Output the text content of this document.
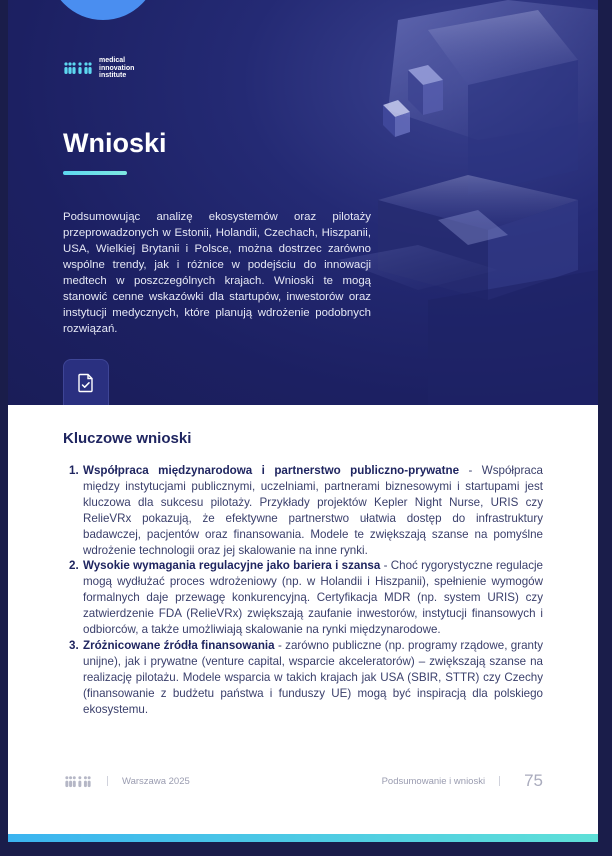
medical
innovation
institute
Wnioski

Podsumowując analizę ekosystemów oraz pilotaży przeprowadzonych w Estonii, Holandii, Czechach, Hiszpanii, USA, Wielkiej Brytanii i Polsce, można dostrzec zarówno wspólne trendy, jak i różnice w podejściu do innowacji medtech w poszczególnych krajach. Wnioski te mogą stanowić cenne wskazówki dla startupów, inwestorów oraz instytucji medycznych, które planują wdrożenie podobnych rozwiązań.

Kluczowe wnioski
1. Współpraca międzynarodowa i partnerstwo publiczno-prywatne - Współpraca między instytucjami publicznymi, uczelniami, partnerami biznesowymi i startupami jest kluczowa dla sukcesu pilotaży. Przykłady projektów Kepler Night Nurse, URIS czy RelieVRx pokazują, że efektywne partnerstwo ułatwia dostęp do infrastruktury badawczej, pacjentów oraz finansowania. Modele te zwiększają szanse na pomyślne wdrożenie technologii oraz jej skalowanie na inne rynki.
2. Wysokie wymagania regulacyjne jako bariera i szansa - Choć rygorystyczne regulacje mogą wydłużać proces wdrożeniowy (np. w Holandii i Hiszpanii), spełnienie wymogów formalnych daje przewagę konkurencyjną. Certyfikacja MDR (np. system URIS) czy zatwierdzenie FDA (RelieVRx) zwiększają zaufanie inwestorów, instytucji finansowych i odbiorców, a także umożliwiają skalowanie na rynki międzynarodowe.
3. Zróżnicowane źródła finansowania - zarówno publiczne (np. programy rządowe, granty unijne), jak i prywatne (venture capital, wsparcie akceleratorów) – zwiększają szanse na realizację pilotażu. Modele wsparcia w takich krajach jak USA (SBIR, STTR) czy Czechy (finansowanie z budżetu państwa i funduszy UE) mogą być inspiracją dla polskiego ekosystemu.
Warszawa 2025	Podsumowanie i wnioski 75
